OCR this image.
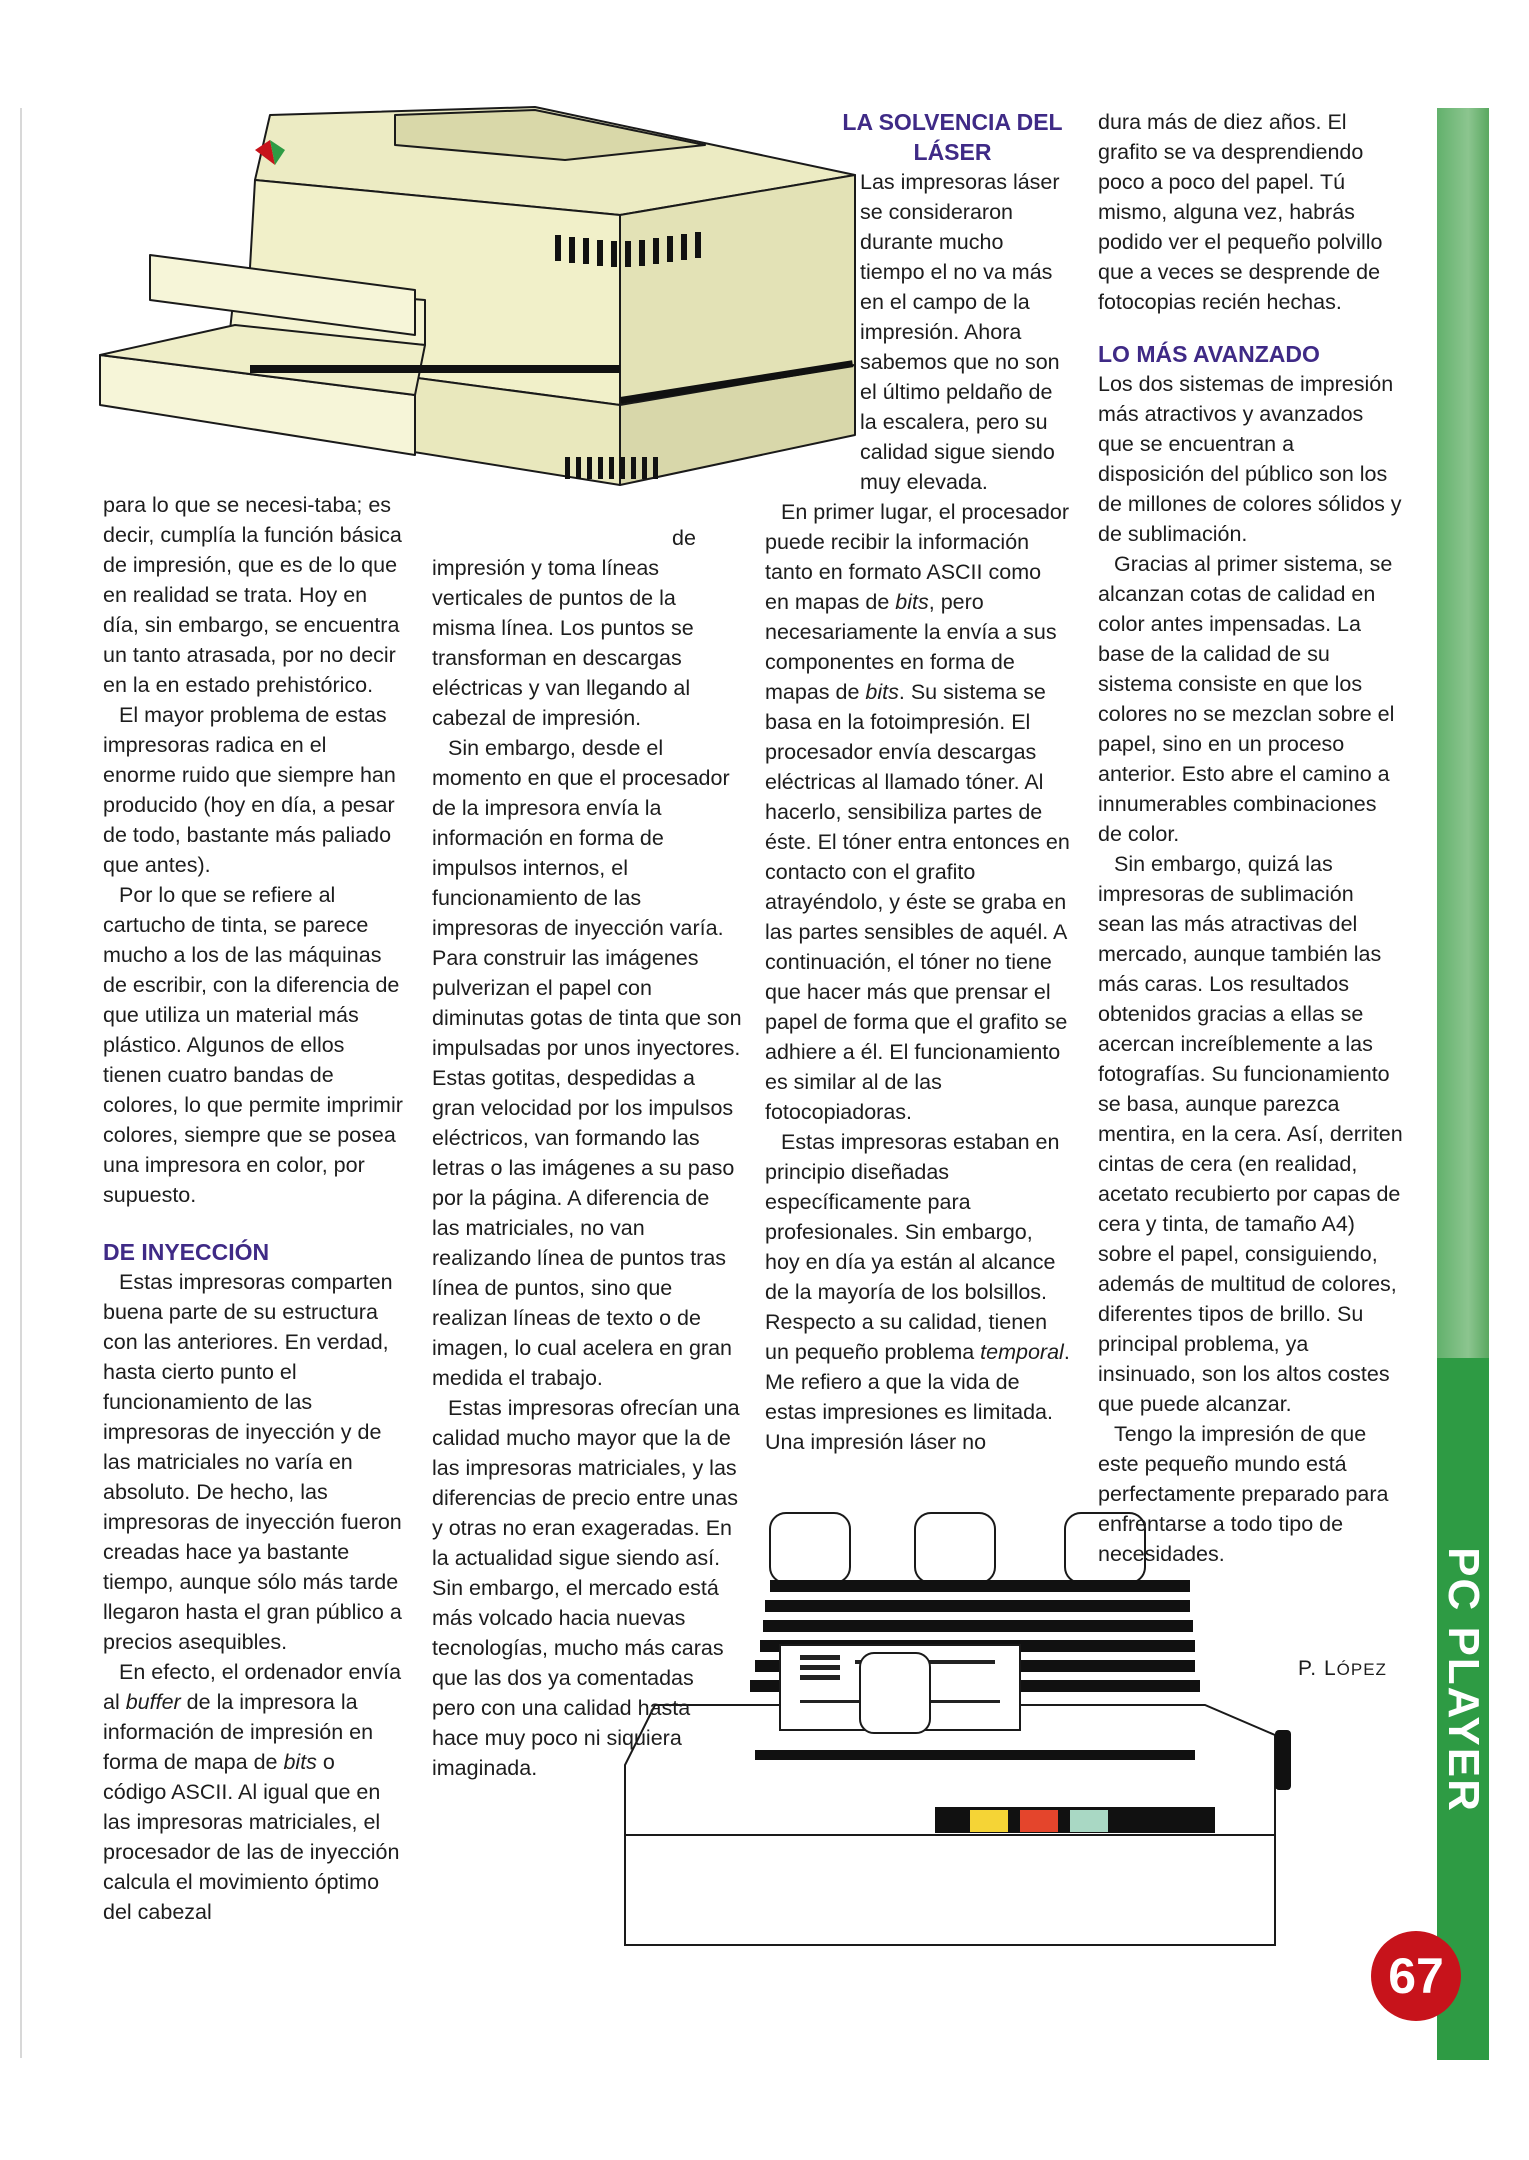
para lo que se necesi-taba; es decir, cumplía la función básica de impresión, que es de lo que en realidad se trata. Hoy en día, sin embargo, se encuentra un tanto atrasada, por no decir en la en estado prehistórico.

El mayor problema de estas impresoras radica en el enorme ruido que siempre han producido (hoy en día, a pesar de todo, bastante más paliado que antes).

Por lo que se refiere al cartucho de tinta, se parece mucho a los de las máquinas de escribir, con la diferencia de que utiliza un material más plástico. Algunos de ellos tienen cuatro bandas de colores, lo que permite imprimir colores, siempre que se posea una impresora en color, por supuesto.

DE INYECCIÓN

Estas impresoras comparten buena parte de su estructura con las anteriores. En verdad, hasta cierto punto el funcionamiento de las impresoras de inyección y de las matriciales no varía en absoluto. De hecho, las impresoras de inyección fueron creadas hace ya bastante tiempo, aunque sólo más tarde llegaron hasta el gran público a precios asequibles.

En efecto, el ordenador envía al buffer de la impresora la información de impresión en forma de mapa de bits o código ASCII. Al igual que en las impresoras matriciales, el procesador de las de inyección calcula el movimiento óptimo del cabezal

de

impresión y toma líneas verticales de puntos de la misma línea. Los puntos se transforman en descargas eléctricas y van llegando al cabezal de impresión.

Sin embargo, desde el momento en que el procesador de la impresora envía la información en forma de impulsos internos, el funcionamiento de las impresoras de inyección varía. Para construir las imágenes pulverizan el papel con diminutas gotas de tinta que son impulsadas por unos inyectores. Estas gotitas, despedidas a gran velocidad por los impulsos eléctricos, van formando las letras o las imágenes a su paso por la página. A diferencia de las matriciales, no van realizando línea de puntos tras línea de puntos, sino que realizan líneas de texto o de imagen, lo cual acelera en gran medida el trabajo.

Estas impresoras ofrecían una calidad mucho mayor que la de las impresoras matriciales, y las diferencias de precio entre unas y otras no eran exageradas. En la actualidad sigue siendo así. Sin embargo, el mercado está más volcado hacia nuevas tecnologías, mucho más caras que las dos ya comentadas pero con una calidad hasta hace muy poco ni siquiera imaginada.

LA SOLVENCIA DEL LÁSER

Las impresoras láser se consideraron durante mucho tiempo el no va más en el campo de la impresión. Ahora sabemos que no son el último peldaño de la escalera, pero su calidad sigue siendo muy elevada.

En primer lugar, el procesador puede recibir la información tanto en formato ASCII como en mapas de bits, pero necesariamente la envía a sus componentes en forma de mapas de bits. Su sistema se basa en la fotoimpresión. El procesador envía descargas eléctricas al llamado tóner. Al hacerlo, sensibiliza partes de éste. El tóner entra entonces en contacto con el grafito atrayéndolo, y éste se graba en las partes sensibles de aquél. A continuación, el tóner no tiene que hacer más que prensar el papel de forma que el grafito se adhiere a él. El funcionamiento es similar al de las fotocopiadoras.

Estas impresoras estaban en principio diseñadas específicamente para profesionales. Sin embargo, hoy en día ya están al alcance de la mayoría de los bolsillos. Respecto a su calidad, tienen un pequeño problema temporal. Me refiero a que la vida de estas impresiones es limitada. Una impresión láser no

dura más de diez años. El grafito se va desprendiendo poco a poco del papel. Tú mismo, alguna vez, habrás podido ver el pequeño polvillo que a veces se desprende de fotocopias recién hechas.

LO MÁS AVANZADO

Los dos sistemas de impresión más atractivos y avanzados que se encuentran a disposición del público son los de millones de colores sólidos y de sublimación.

Gracias al primer sistema, se alcanzan cotas de calidad en color antes impensadas. La base de la calidad de su sistema consiste en que los colores no se mezclan sobre el papel, sino en un proceso anterior. Esto abre el camino a innumerables combinaciones de color.

Sin embargo, quizá las impresoras de sublimación sean las más atractivas del mercado, aunque también las más caras. Los resultados obtenidos gracias a ellas se acercan increíblemente a las fotografías. Su funcionamiento se basa, aunque parezca mentira, en la cera. Así, derriten cintas de cera (en realidad, acetato recubierto por capas de cera y tinta, de tamaño A4) sobre el papel, consiguiendo, además de multitud de colores, diferentes tipos de brillo. Su principal problema, ya insinuado, son los altos costes que puede alcanzar.

Tengo la impresión de que este pequeño mundo está perfectamente preparado para enfrentarse a todo tipo de necesidades.

P. LÓPEZ PC PLAYER
67
